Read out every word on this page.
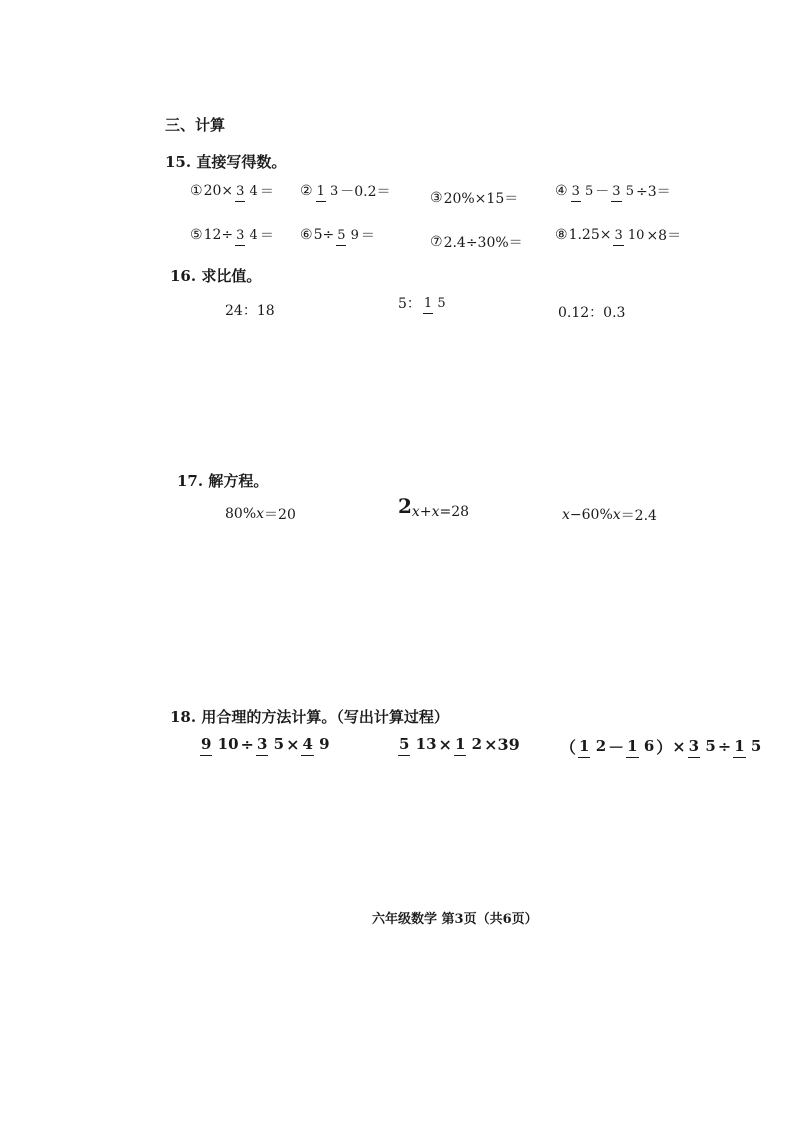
三、计算
15. 直接写得数。
① 20× 3 4 ＝ ② 1 3 －0.2＝	③ 20%×15＝	④ 3 5 － 3 5 ÷3＝
⑤ 12÷ 3 4 ＝ ⑥ 5÷ 5 9 ＝	⑦ 2.4÷30%＝ ⑧ 1.25× 3 10 ×8＝
16. 求比值。
24：18	5： 1 5
0.12：0.3
17. 解方程。
80% x ＝20	2 x + x =28	x −60% x ＝2.4
18. 用合理的方法计算。（写出计算过程）
9 10 ÷ 3 5 × 4 9	5 13 × 1 2 ×39	（ 1 2 － 1 6 ） × 3 5 ÷ 1 5
六年级数学 第3页（共6页）
